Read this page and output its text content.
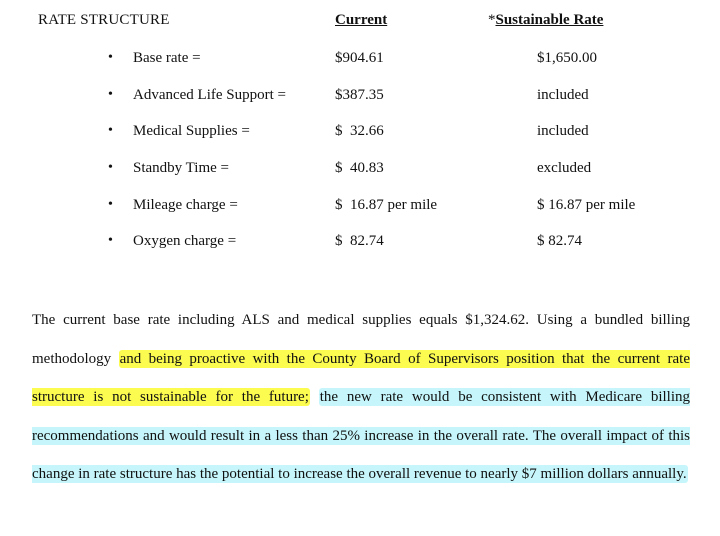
RATE STRUCTURE	Current	*Sustainable Rate
• Base rate =	$904.61	$1,650.00
• Advanced Life Support =	$387.35	included
• Medical Supplies =	$  32.66	included
• Standby Time =	$  40.83	excluded
• Mileage charge =	$  16.87 per mile	$ 16.87 per mile
• Oxygen charge =	$  82.74	$ 82.74
The current base rate including ALS and medical supplies equals $1,324.62. Using a bundled billing methodology and being proactive with the County Board of Supervisors position that the current rate structure is not sustainable for the future; the new rate would be consistent with Medicare billing recommendations and would result in a less than 25% increase in the overall rate. The overall impact of this change in rate structure has the potential to increase the overall revenue to nearly $7 million dollars annually.
